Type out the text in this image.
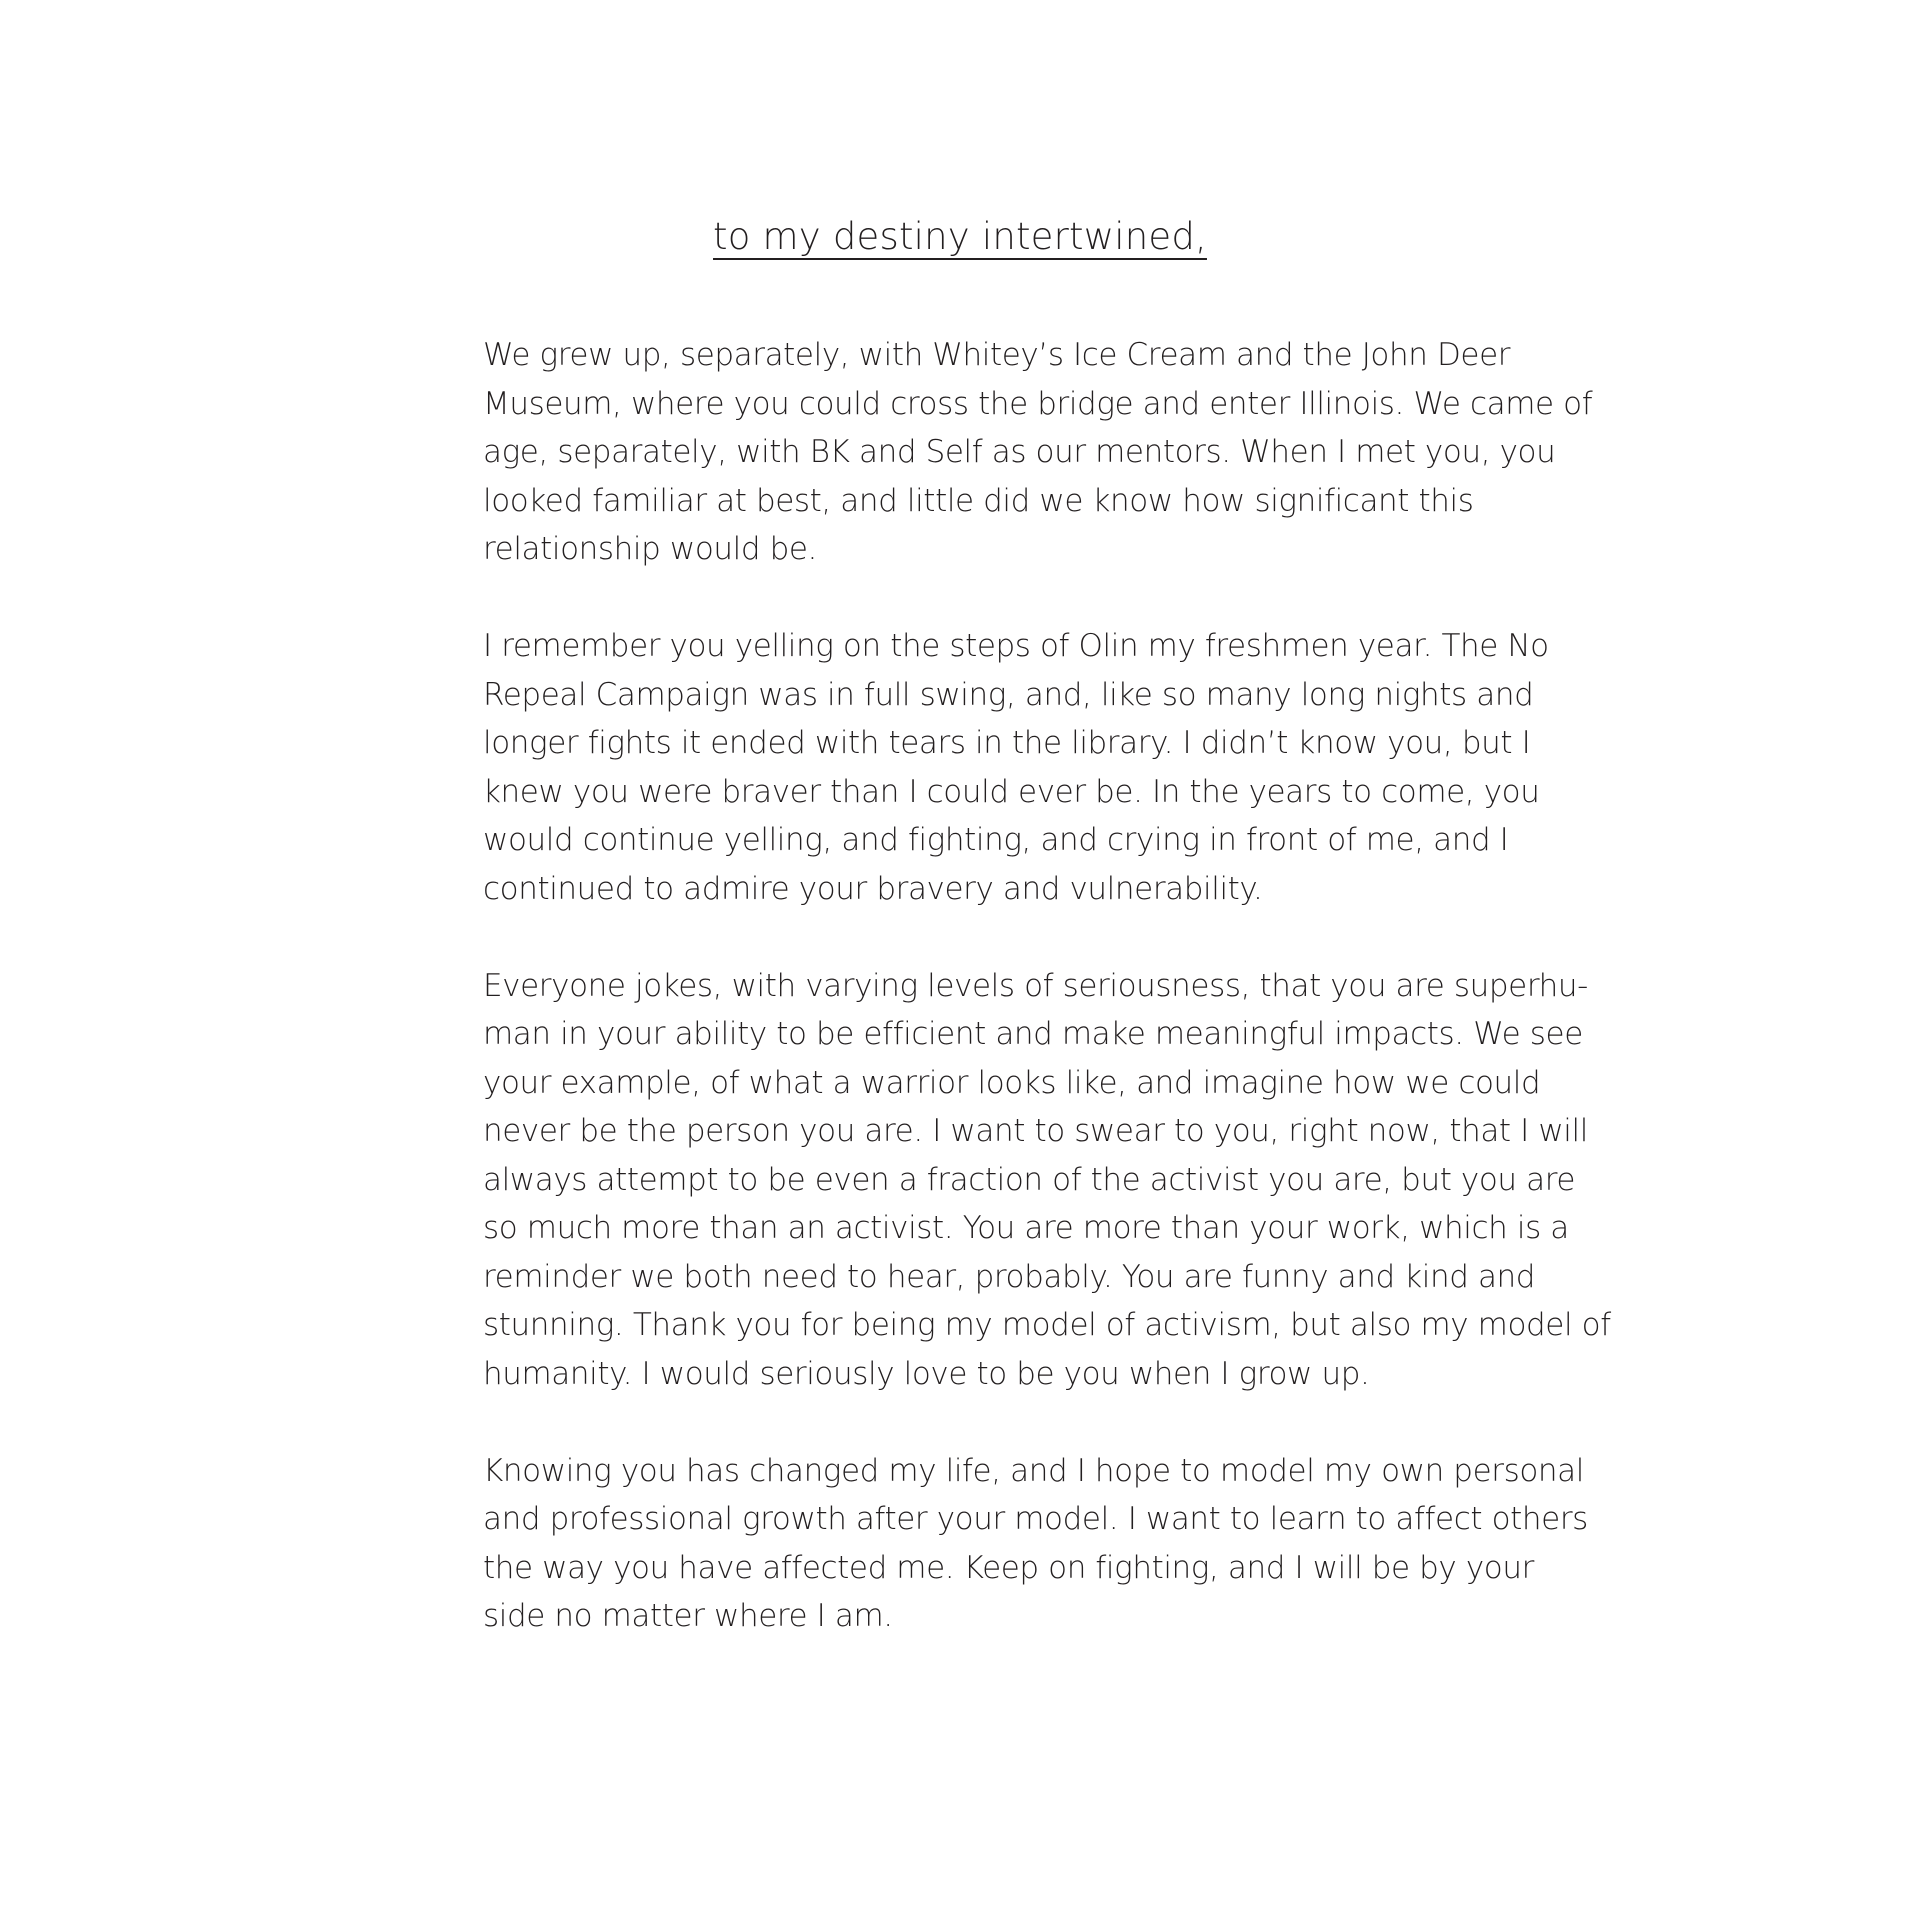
to my destiny intertwined,
We grew up, separately, with Whitey’s Ice Cream and the John Deer
Museum, where you could cross the bridge and enter Illinois. We came of
age, separately, with BK and Self as our mentors. When I met you, you
looked familiar at best, and little did we know how significant this
relationship would be.
I remember you yelling on the steps of Olin my freshmen year. The No
Repeal Campaign was in full swing, and, like so many long nights and
longer fights it ended with tears in the library. I didn’t know you, but I
knew you were braver than I could ever be. In the years to come, you
would continue yelling, and fighting, and crying in front of me, and I
continued to admire your bravery and vulnerability.
Everyone jokes, with varying levels of seriousness, that you are superhu-
man in your ability to be efficient and make meaningful impacts. We see
your example, of what a warrior looks like, and imagine how we could
never be the person you are. I want to swear to you, right now, that I will
always attempt to be even a fraction of the activist you are, but you are
so much more than an activist. You are more than your work, which is a
reminder we both need to hear, probably. You are funny and kind and
stunning. Thank you for being my model of activism, but also my model of
humanity. I would seriously love to be you when I grow up.
Knowing you has changed my life, and I hope to model my own personal
and professional growth after your model. I want to learn to affect others
the way you have affected me. Keep on fighting, and I will be by your
side no matter where I am.
